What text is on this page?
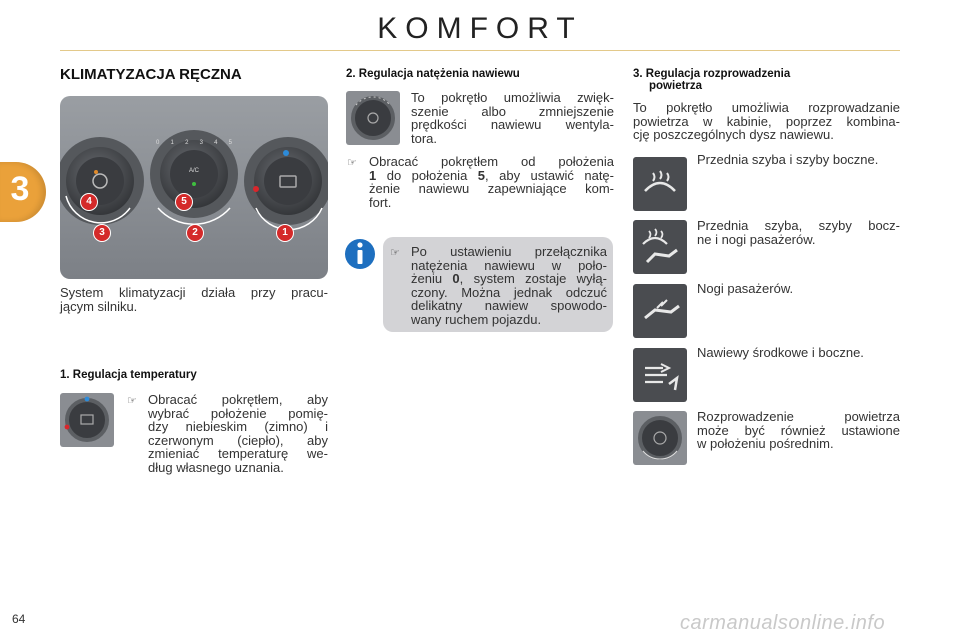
KOMFORT
3
KLIMATYZACJA RĘCZNA
0 1 2 3 4 5
A/C
4	5
3	2	1
System klimatyzacji działa przy pracu-
jącym silniku.
1. Regulacja temperatury
☞ Obracać pokrętłem, aby
wybrać położenie pomię-
dzy niebieskim (zimno) i
czerwonym (ciepło), aby
zmieniać temperaturę we-
dług własnego uznania.
2. Regulacja natężenia nawiewu
To pokrętło umożliwia zwięk-
szenie albo zmniejszenie
prędkości nawiewu wentyla-
tora.
☞ Obracać pokrętłem od położenia
1 do położenia 5, aby ustawić natę-
żenie nawiewu zapewniające kom-
fort.
☞ Po ustawieniu przełącznika
natężenia nawiewu w poło-
żeniu 0, system zostaje wyłą-
czony. Można jednak odczuć
delikatny nawiew spowodo-
wany ruchem pojazdu.
3. Regulacja rozprowadzenia
powietrza
To pokrętło umożliwia rozprowadzanie
powietrza w kabinie, poprzez kombina-
cję poszczególnych dysz nawiewu.
Przednia szyba i szyby boczne.
Przednia szyba, szyby bocz-
ne i nogi pasażerów.
Nogi pasażerów.
Nawiewy środkowe i boczne.
Rozprowadzenie powietrza
może być również ustawione
w położeniu pośrednim.
64	carmanualsonline.info
